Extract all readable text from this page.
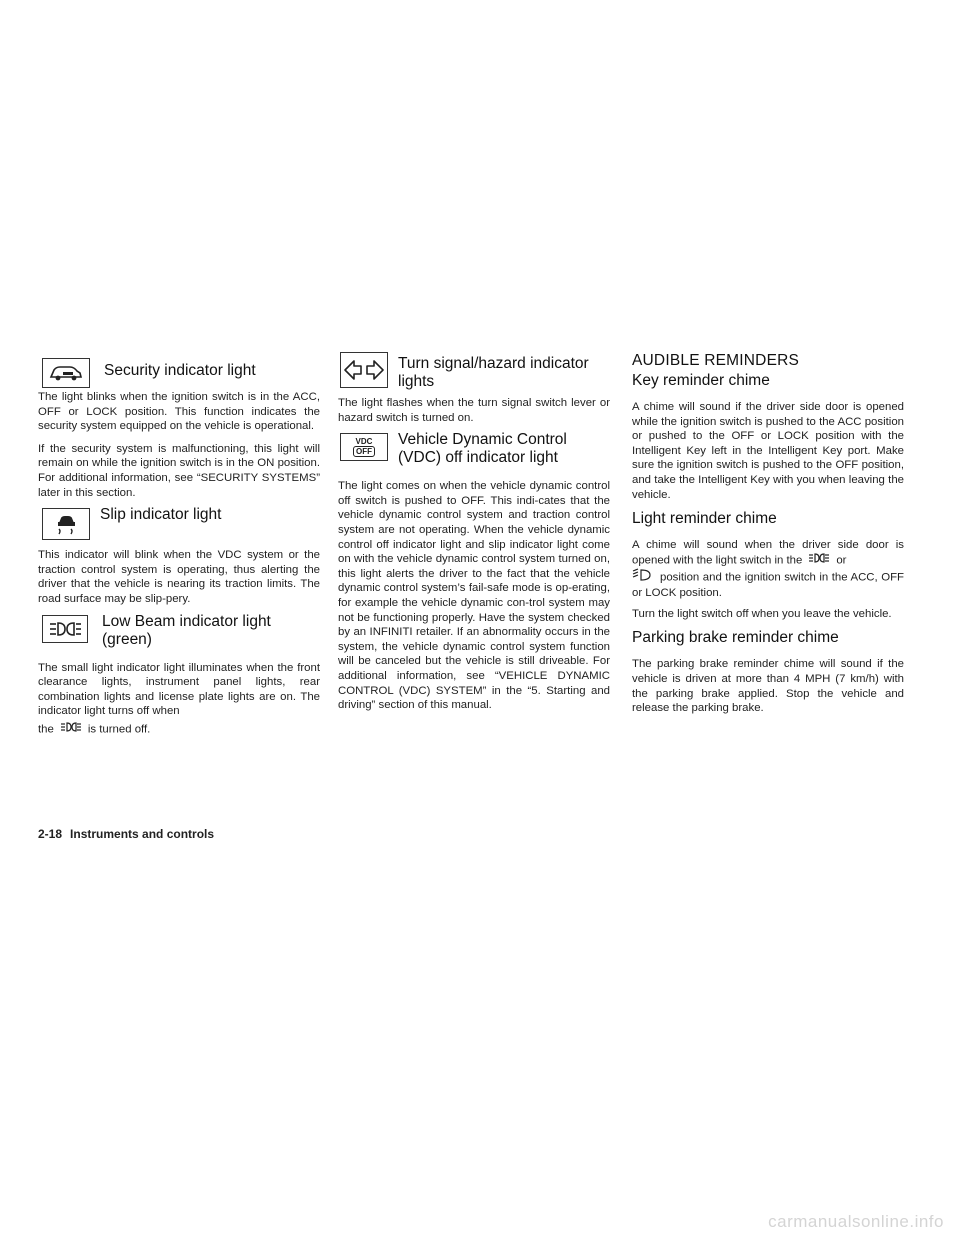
Security indicator light

The light blinks when the ignition switch is in the ACC, OFF or LOCK position. This function indicates the security system equipped on the vehicle is operational.

If the security system is malfunctioning, this light will remain on while the ignition switch is in the ON position. For additional information, see “SECURITY SYSTEMS” later in this section.

Slip indicator light

This indicator will blink when the VDC system or the traction control system is operating, thus alerting the driver that the vehicle is nearing its traction limits. The road surface may be slip-pery.

Low Beam indicator light
(green)

The small light indicator light illuminates when the front clearance lights, instrument panel lights, rear combination lights and license plate lights are on. The indicator light turns off when

the	is turned off.

Turn signal/hazard indicator
lights

The light flashes when the turn signal switch lever or hazard switch is turned on.

VDC
OFF
Vehicle Dynamic Control
(VDC) off indicator light

The light comes on when the vehicle dynamic control off switch is pushed to OFF. This indi-cates that the vehicle dynamic control system and traction control system are not operating. When the vehicle dynamic control off indicator light and slip indicator light come on with the vehicle dynamic control system turned on, this light alerts the driver to the fact that the vehicle dynamic control system’s fail-safe mode is op-erating, for example the vehicle dynamic con-trol system may not be functioning properly. Have the system checked by an INFINITI retailer. If an abnormality occurs in the system, the vehicle dynamic control system function will be canceled but the vehicle is still driveable. For additional information, see “VEHICLE DYNAMIC CONTROL (VDC) SYSTEM” in the “5. Starting and driving” section of this manual.

AUDIBLE REMINDERS
Key reminder chime

A chime will sound if the driver side door is opened while the ignition switch is pushed to the ACC position or pushed to the OFF or LOCK position with the Intelligent Key left in the Intelligent Key port. Make sure the ignition switch is pushed to the OFF position, and take the Intelligent Key with you when leaving the vehicle.

Light reminder chime

A chime will sound when the driver side door is opened with the light switch in the	or
position and the ignition switch in the ACC, OFF or LOCK position.

Turn the light switch off when you leave the vehicle.

Parking brake reminder chime

The parking brake reminder chime will sound if the vehicle is driven at more than 4 MPH (7 km/h) with the parking brake applied. Stop the vehicle and release the parking brake.

2-18 Instruments and controls
carmanualsonline.info
